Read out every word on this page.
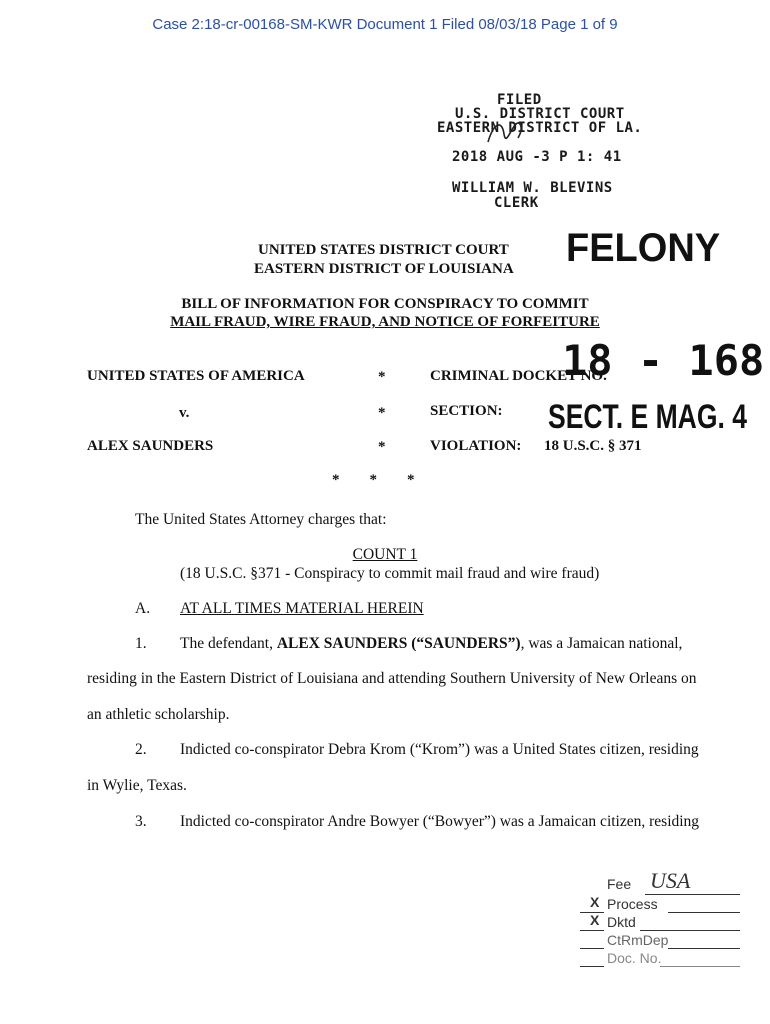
Case 2:18-cr-00168-SM-KWR Document 1 Filed 08/03/18 Page 1 of 9
FILED
U.S. DISTRICT COURT
EASTERN DISTRICT OF LA.
2018 AUG -3 P 1: 41
WILLIAM W. BLEVINS
CLERK
UNITED STATES DISTRICT COURT
EASTERN DISTRICT OF LOUISIANA FELONY
BILL OF INFORMATION FOR CONSPIRACY TO COMMIT
MAIL FRAUD, WIRE FRAUD, AND NOTICE OF FORFEITURE
UNITED STATES OF AMERICA	*	CRIMINAL DOCKET NO.
18 - 168
v.	*	SECTION: SECT. E MAG. 4
ALEX SAUNDERS	*	VIOLATION: 18 U.S.C. § 371
*        *        *
The United States Attorney charges that:
COUNT 1
(18 U.S.C. §371 - Conspiracy to commit mail fraud and wire fraud)
A. AT ALL TIMES MATERIAL HEREIN
1. The defendant, ALEX SAUNDERS (“SAUNDERS”), was a Jamaican national,
residing in the Eastern District of Louisiana and attending Southern University of New Orleans on
an athletic scholarship.
2. Indicted co-conspirator Debra Krom (“Krom”) was a United States citizen, residing
in Wylie, Texas.
3. Indicted co-conspirator Andre Bowyer (“Bowyer”) was a Jamaican citizen, residing
Fee USA
X Process
X Dktd
CtRmDep
Doc. No.
